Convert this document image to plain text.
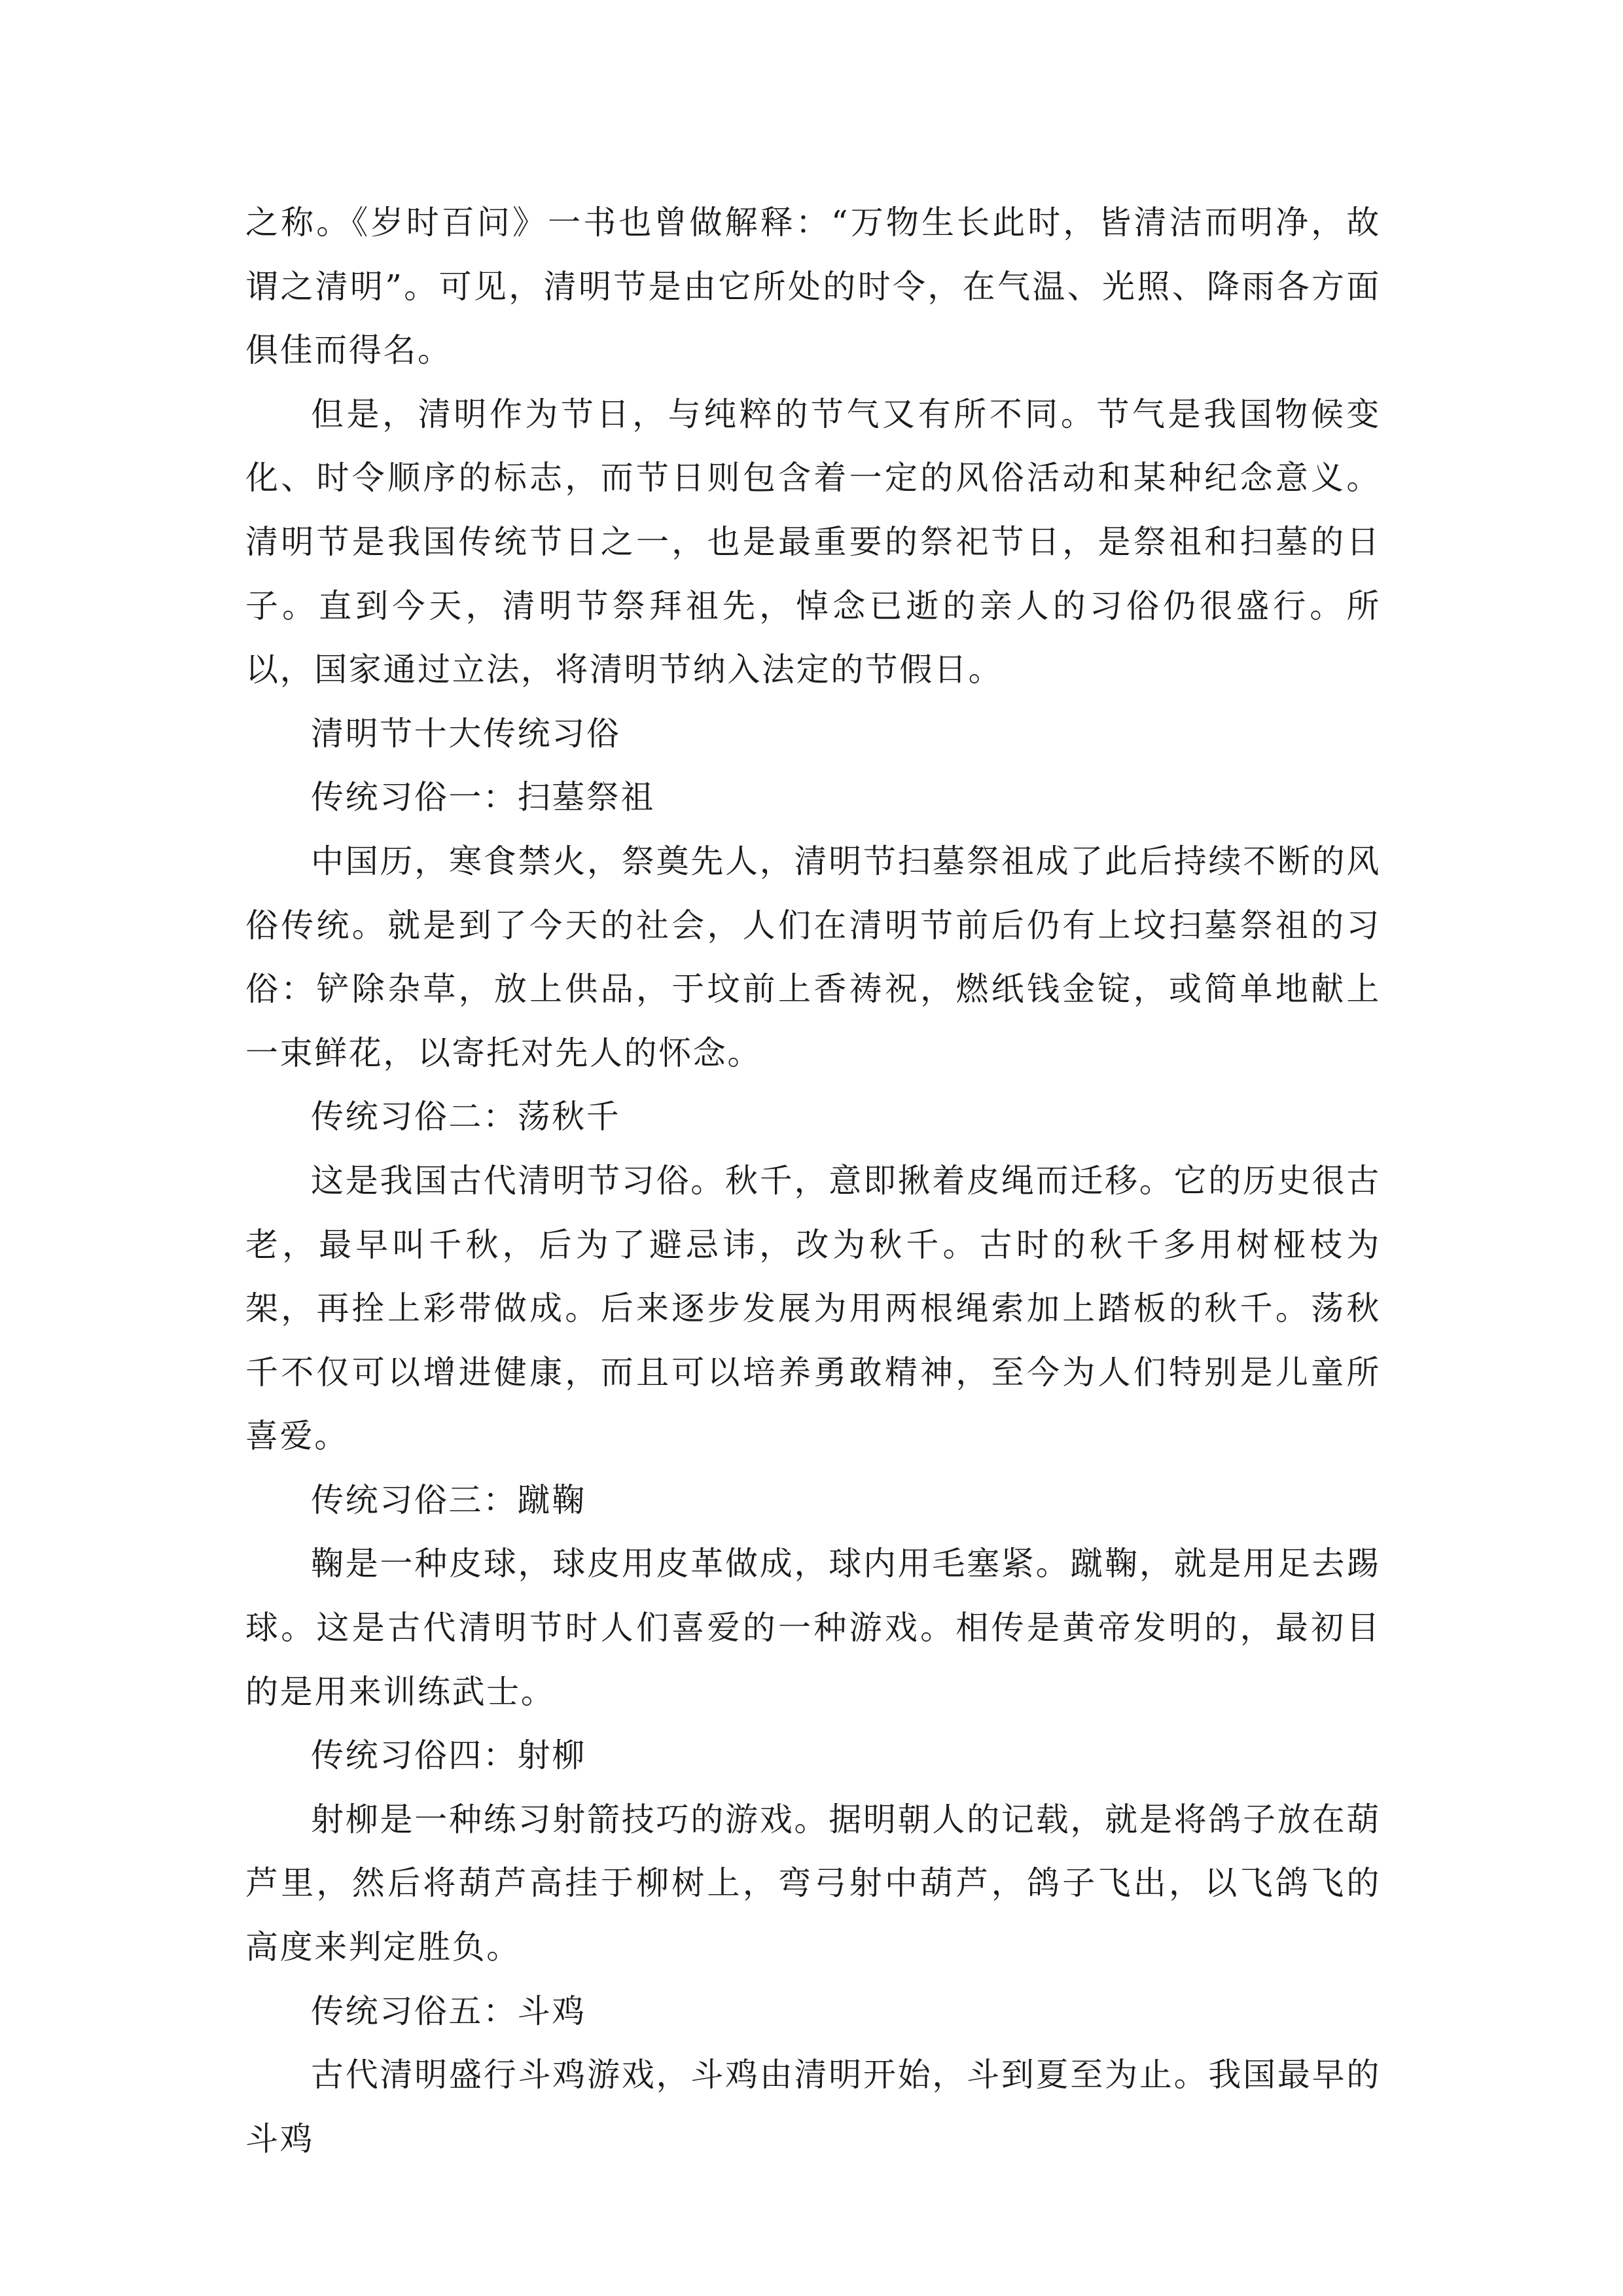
之称。《岁时百问》一书也曾做解释：“万物生长此时，皆清洁而明净，故谓之清明”。可见，清明节是由它所处的时令，在气温、光照、降雨各方面俱佳而得名。

但是，清明作为节日，与纯粹的节气又有所不同。节气是我国物候变化、时令顺序的标志，而节日则包含着一定的风俗活动和某种纪念意义。清明节是我国传统节日之一，也是最重要的祭祀节日，是祭祖和扫墓的日子。直到今天，清明节祭拜祖先，悼念已逝的亲人的习俗仍很盛行。所以，国家通过立法，将清明节纳入法定的节假日。

清明节十大传统习俗

传统习俗一：扫墓祭祖

中国历，寒食禁火，祭奠先人，清明节扫墓祭祖成了此后持续不断的风俗传统。就是到了今天的社会，人们在清明节前后仍有上坟扫墓祭祖的习俗：铲除杂草，放上供品，于坟前上香祷祝，燃纸钱金锭，或简单地献上一束鲜花，以寄托对先人的怀念。

传统习俗二：荡秋千

这是我国古代清明节习俗。秋千，意即揪着皮绳而迁移。它的历史很古老，最早叫千秋，后为了避忌讳，改为秋千。古时的秋千多用树桠枝为架，再拴上彩带做成。后来逐步发展为用两根绳索加上踏板的秋千。荡秋千不仅可以增进健康，而且可以培养勇敢精神，至今为人们特别是儿童所喜爱。

传统习俗三：蹴鞠

鞠是一种皮球，球皮用皮革做成，球内用毛塞紧。蹴鞠，就是用足去踢球。这是古代清明节时人们喜爱的一种游戏。相传是黄帝发明的，最初目的是用来训练武士。

传统习俗四：射柳

射柳是一种练习射箭技巧的游戏。据明朝人的记载，就是将鸽子放在葫芦里，然后将葫芦高挂于柳树上，弯弓射中葫芦，鸽子飞出，以飞鸽飞的高度来判定胜负。

传统习俗五：斗鸡

古代清明盛行斗鸡游戏，斗鸡由清明开始，斗到夏至为止。我国最早的斗鸡
